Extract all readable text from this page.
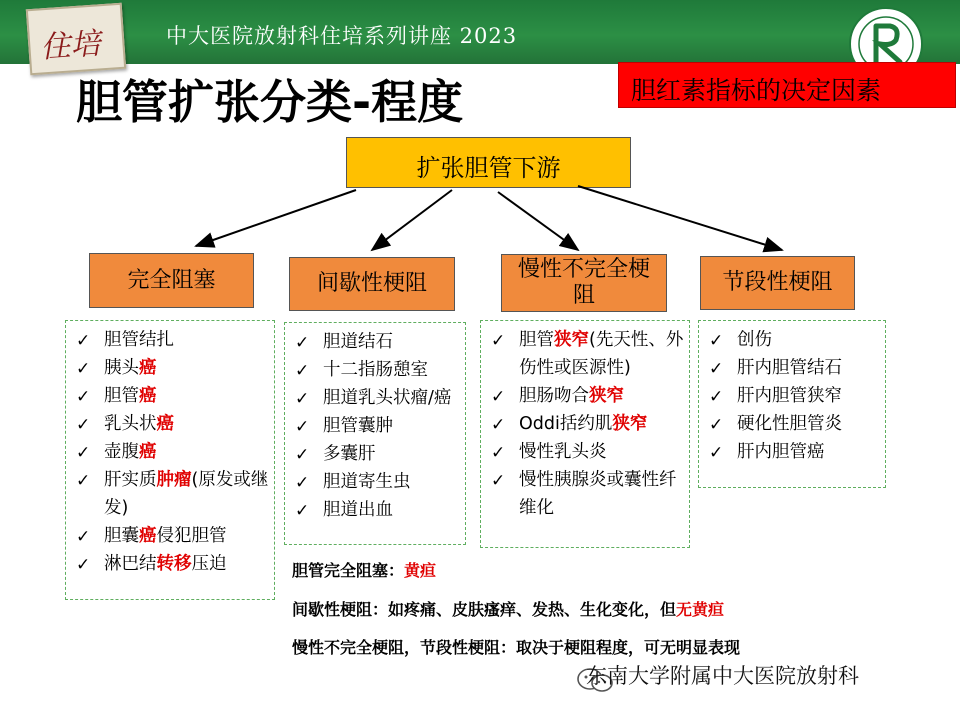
住培	中大医院放射科住培系列讲座 2023
胆管扩张分类-程度	胆红素指标的决定因素
扩张胆管下游
完全阻塞	间歇性梗阻
慢性不完全梗阻
节段性梗阻
✓ 胆管结扎
✓ 胰头癌
✓ 胆管癌
✓ 乳头状癌
✓ 壶腹癌
✓ 肝实质肿瘤(原发或继发)
✓ 胆囊癌侵犯胆管
✓ 淋巴结转移压迫
✓ 胆道结石
✓ 十二指肠憩室
✓ 胆道乳头状瘤/癌
✓ 胆管囊肿
✓ 多囊肝
✓ 胆道寄生虫
✓ 胆道出血
✓ 胆管狭窄(先天性、外伤性或医源性)
✓ 胆肠吻合狭窄
✓ Oddi括约肌狭窄
✓ 慢性乳头炎
✓ 慢性胰腺炎或囊性纤维化
✓ 创伤
✓ 肝内胆管结石
✓ 肝内胆管狭窄
✓ 硬化性胆管炎
✓ 肝内胆管癌
胆管完全阻塞：黄疸
间歇性梗阻：如疼痛、皮肤瘙痒、发热、生化变化，但无黄疸
慢性不完全梗阻，节段性梗阻：取决于梗阻程度，可无明显表现
东南大学附属中大医院放射科
